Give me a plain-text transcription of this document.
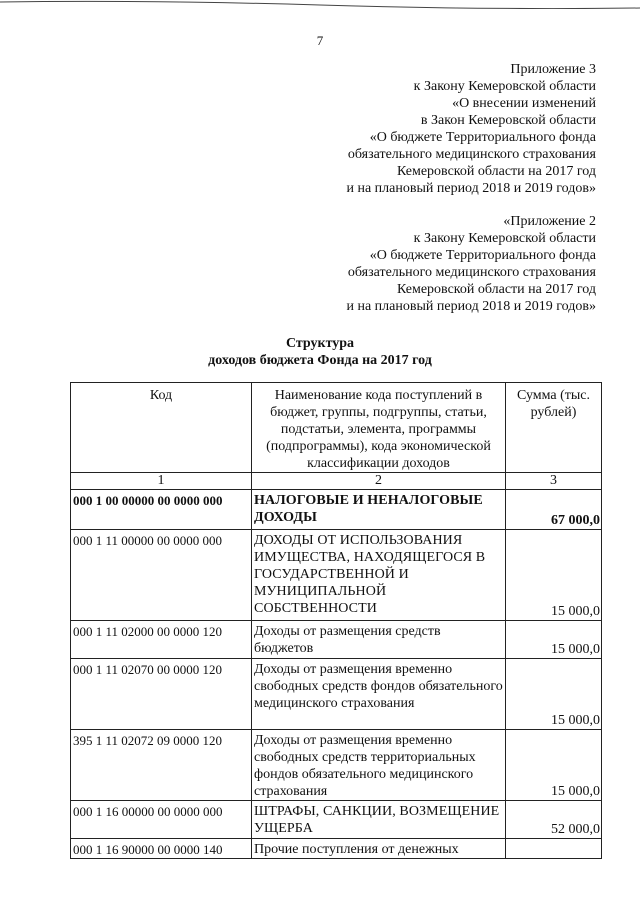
7
Приложение 3
к Закону Кемеровской области
«О внесении изменений
в Закон Кемеровской области
«О бюджете Территориального фонда
обязательного медицинского страхования
Кемеровской области на 2017 год
и на плановый период 2018 и 2019 годов»
«Приложение 2
к Закону Кемеровской области
«О бюджете Территориального фонда
обязательного медицинского страхования
Кемеровской области на 2017 год
и на плановый период 2018 и 2019 годов»
Структура
доходов бюджета Фонда на 2017 год
Код	Наименование кода поступлений в бюджет, группы, подгруппы, статьи, подстатьи, элемента, программы (подпрограммы), кода экономической классификации доходов	Сумма (тыс. рублей)
1	2	3
000 1 00 00000 00 0000 000	НАЛОГОВЫЕ И НЕНАЛОГОВЫЕ ДОХОДЫ	67 000,0
000 1 11 00000 00 0000 000	ДОХОДЫ ОТ ИСПОЛЬЗОВАНИЯ ИМУЩЕСТВА, НАХОДЯЩЕГОСЯ В ГОСУДАРСТВЕННОЙ И МУНИЦИПАЛЬНОЙ СОБСТВЕННОСТИ	15 000,0
000 1 11 02000 00 0000 120	Доходы от размещения средств бюджетов	15 000,0
000 1 11 02070 00 0000 120	Доходы от размещения временно свободных средств фондов обязательного медицинского страхования	15 000,0
395 1 11 02072 09 0000 120	Доходы от размещения временно свободных средств территориальных фондов обязательного медицинского страхования	15 000,0
000 1 16 00000 00 0000 000	ШТРАФЫ, САНКЦИИ, ВОЗМЕЩЕНИЕ УЩЕРБА	52 000,0
000 1 16 90000 00 0000 140	Прочие поступления от денежных	
